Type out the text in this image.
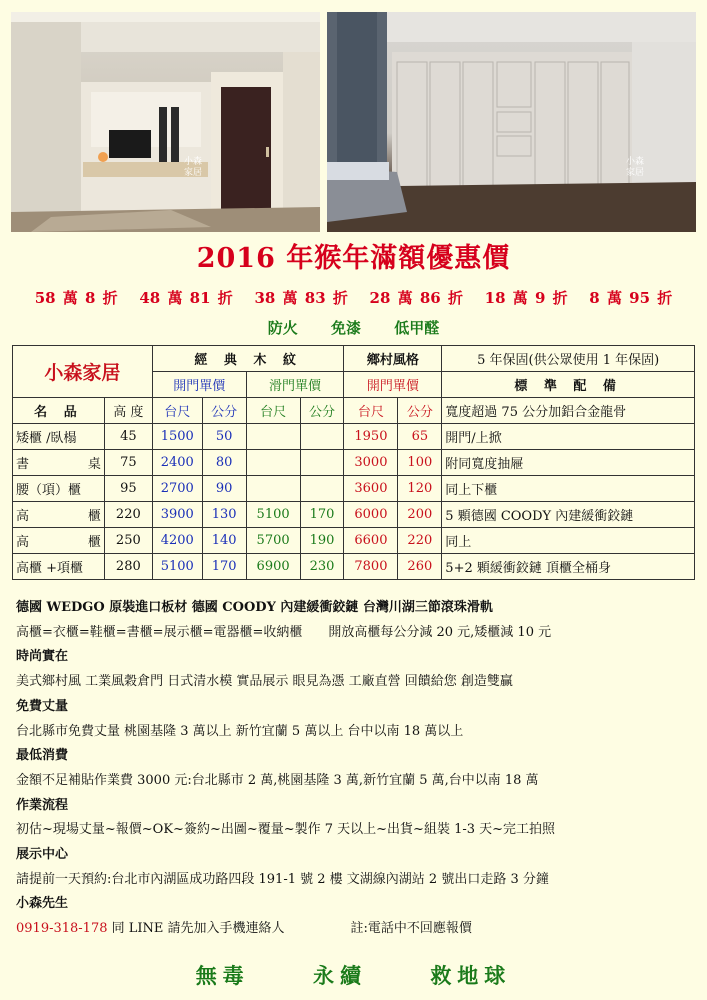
小森家居
小森家居
2016 年猴年滿額優惠價
58 萬 8 折 48 萬 81 折 38 萬 83 折 28 萬 86 折 18 萬 9 折 8 萬 95 折
防火 免漆 低甲醛
小森家居		經 典 木 紋				鄉村風格		5 年保固(供公眾使用 1 年保固)
		開門單價		滑門單價		開門單價		標 準 配 備
名 品	高 度	台尺	公分	台尺	公分	台尺	公分	寬度超過 75 公分加鋁合金龍骨
矮櫃 /臥榻	45	1500	50			1950	65	開門/上掀
書 桌	75	2400	80			3000	100	附同寬度抽屜
腰（項）櫃	95	2700	90			3600	120	同上下櫃
高 櫃	220	3900	130	5100	170	6000	200	5 顆德國 COODY 內建緩衝鉸鏈
高 櫃	250	4200	140	5700	190	6600	220	同上
高櫃 +項櫃	280	5100	170	6900	230	7800	260	5+2 顆緩衝鉸鏈 頂櫃全桶身
德國 WEDGO 原裝進口板材 德國 COODY 內建緩衝鉸鏈 台灣川湖三節滾珠滑軌
高櫃=衣櫃=鞋櫃=書櫃=展示櫃=電器櫃=收納櫃　　開放高櫃每公分減 20 元,矮櫃減 10 元
時尚實在
美式鄉村風 工業風穀倉門 日式清水模 實品展示 眼見為憑 工廠直營 回饋給您 創造雙贏
免費丈量
台北縣市免費丈量 桃園基隆 3 萬以上 新竹宜蘭 5 萬以上 台中以南 18 萬以上
最低消費
金額不足補貼作業費 3000 元:台北縣市 2 萬,桃園基隆 3 萬,新竹宜蘭 5 萬,台中以南 18 萬
作業流程
初估~現場丈量~報價~OK~簽約~出圖~覆量~製作 7 天以上~出貨~組裝 1-3 天~完工拍照
展示中心
請提前一天預約:台北市內湖區成功路四段 191-1 號 2 樓 文湖線內湖站 2 號出口走路 3 分鐘
小森先生
0919-318-178 同 LINE 請先加入手機連絡人	註:電話中不回應報價
無毒	永續	救地球
